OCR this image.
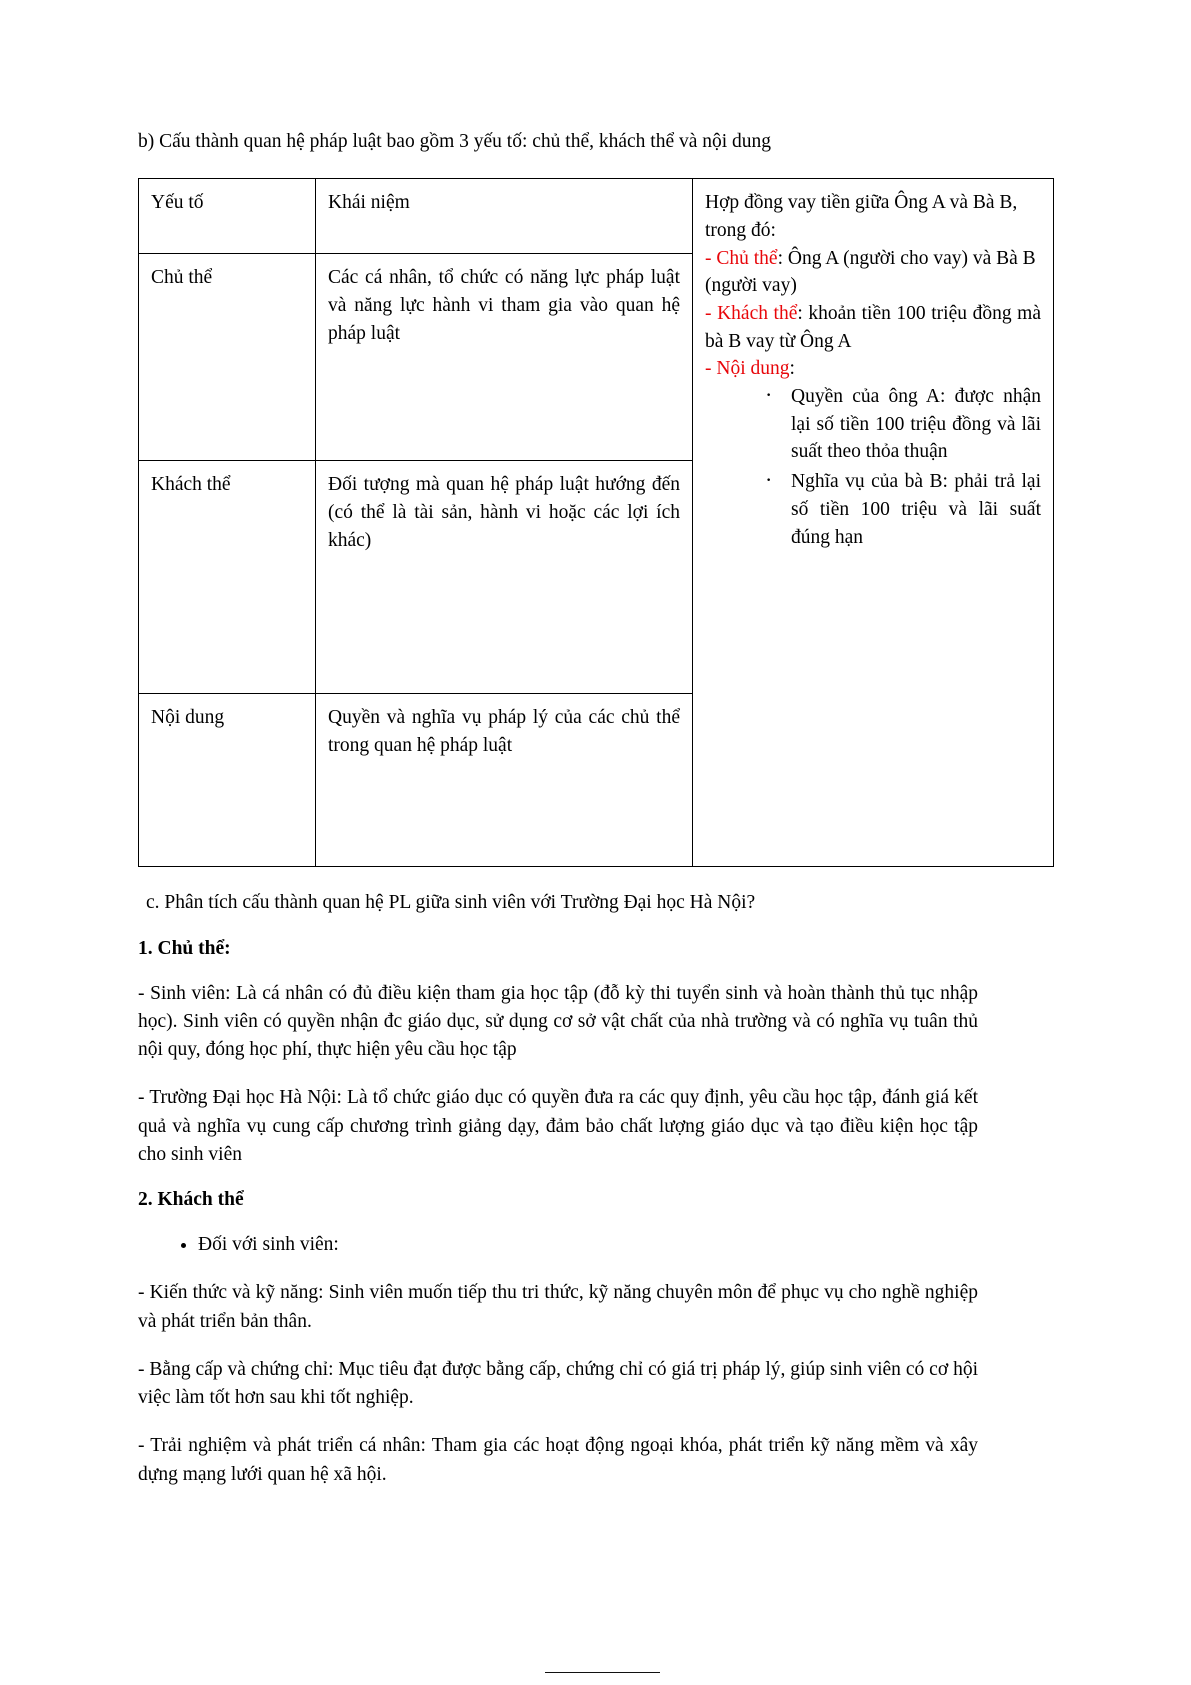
b) Cấu thành quan hệ pháp luật bao gồm 3 yếu tố: chủ thể, khách thể và nội dung

Yếu tố	Khái niệm	Hợp đồng vay tiền giữa Ông A và Bà B, trong đó:
- Chủ thể: Ông A (người cho vay) và Bà B (người vay)
- Khách thể: khoản tiền 100 triệu đồng mà bà B vay từ Ông A
- Nội dung:
· Quyền của ông A: được nhận lại số tiền 100 triệu đồng và lãi suất theo thỏa thuận
· Nghĩa vụ của bà B: phải trả lại số tiền 100 triệu và lãi suất đúng hạn

Chủ thể	Các cá nhân, tổ chức có năng lực pháp luật và năng lực hành vi tham gia vào quan hệ pháp luật	
Khách thể	Đối tượng mà quan hệ pháp luật hướng đến (có thể là tài sản, hành vi hoặc các lợi ích khác)	
Nội dung	Quyền và nghĩa vụ pháp lý của các chủ thể trong quan hệ pháp luật	

c. Phân tích cấu thành quan hệ PL giữa sinh viên với Trường Đại học Hà Nội?

1. Chủ thể:

- Sinh viên: Là cá nhân có đủ điều kiện tham gia học tập (đỗ kỳ thi tuyển sinh và hoàn thành thủ tục nhập học). Sinh viên có quyền nhận đc giáo dục, sử dụng cơ sở vật chất của nhà trường và có nghĩa vụ tuân thủ nội quy, đóng học phí, thực hiện yêu cầu học tập

- Trường Đại học Hà Nội: Là tổ chức giáo dục có quyền đưa ra các quy định, yêu cầu học tập, đánh giá kết quả và nghĩa vụ cung cấp chương trình giảng dạy, đảm bảo chất lượng giáo dục và tạo điều kiện học tập cho sinh viên

2. Khách thể
• Đối với sinh viên:

- Kiến thức và kỹ năng: Sinh viên muốn tiếp thu tri thức, kỹ năng chuyên môn để phục vụ cho nghề nghiệp và phát triển bản thân.

- Bằng cấp và chứng chỉ: Mục tiêu đạt được bằng cấp, chứng chỉ có giá trị pháp lý, giúp sinh viên có cơ hội việc làm tốt hơn sau khi tốt nghiệp.

- Trải nghiệm và phát triển cá nhân: Tham gia các hoạt động ngoại khóa, phát triển kỹ năng mềm và xây dựng mạng lưới quan hệ xã hội.
